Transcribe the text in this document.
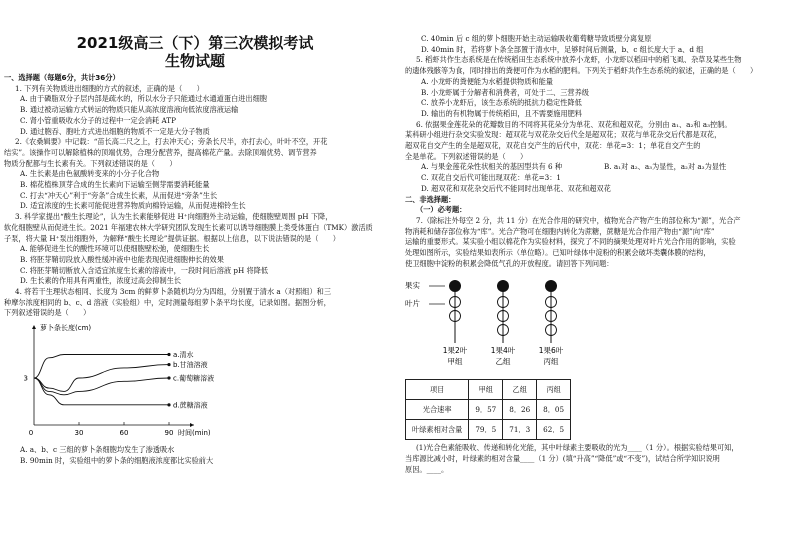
2021级高三（下）第三次模拟考试

生物试题

一、选择题（每题6分，共计36分）

1. 下列有关物质进出细胞的方式的叙述，正确的是（　　）

A. 由于磷脂双分子层内部是疏水的，所以水分子只能通过水通道蛋白进出细胞

B. 通过被动运输方式转运的物质只能从高浓度溶液向低浓度溶液运输

C. 肾小管重吸收水分子的过程中一定会消耗 ATP

D. 通过胞吞、胞吐方式进出细胞的物质不一定是大分子物质

2.《农桑辑要》中记载：“苗长高二尺之上，打去冲天心；旁条长尺半，亦打去心，叶叶不空，开花

结实”。该操作可以解除植株的顶端优势，合理分配营养，提高棉花产量。去除顶端优势、调节营养

物质分配都与生长素有关。下列叙述错误的是（　　）

A. 生长素是由色氨酸转变来的小分子化合物

B. 棉花植株顶芽合成的生长素向下运输至侧芽需要消耗能量

C. 打去“冲天心”利于“旁条”合成生长素，从而促进“旁条”生长

D. 适宜浓度的生长素可能促进营养物质向棉铃运输，从而促进棉铃生长

3. 科学家提出“酸生长理论”，认为生长素能够促进 H⁺向细胞外主动运输，使细胞壁周围 pH 下降，

软化细胞壁从而促进生长。2021 年福建农林大学研究团队发现生长素可以诱导细胞膜上类受体蛋白（TMK）激活质

子泵，将大量 H⁺泵出细胞外，为解释“酸生长理论”提供证据。根据以上信息，以下说法错误的是（　　）

A. 能够促进生长的酸性环境可以使细胞壁松弛，使细胞生长

B. 将胚芽鞘切段放入酸性缓冲液中也能表现促进细胞伸长的效果

C. 将胚芽鞘切断放入含适宜浓度生长素的溶液中，一段时间后溶液 pH 将降低

D. 生长素的作用具有两重性，浓度过高会抑制生长

4. 将若干生理状态相同、长度为 3cm 的鲜萝卜条随机均分为四组，分别置于清水 a（对照组）和三

种摩尔浓度相同的 b、c、d 溶液（实验组）中，定时测量每组萝卜条平均长度，记录如图。据图分析，

下列叙述错误的是（　　）

萝卜条长度(cm)
时间(min)
3
0	30	60	90
a.清水
b.甘油溶液
c.葡萄糖溶液
d.蔗糖溶液

A. a、b、c 三组的萝卜条细胞均发生了渗透吸水

B. 90min 时，实验组中的萝卜条的细胞液浓度都比实验前大

C. 40min 后 c 组的萝卜细胞开始主动运输吸收葡萄糖导致质壁分离复原

D. 40min 时，若将萝卜条全部置于清水中，足够时间后测量，b、c 组长度大于 a、d 组

5. 稻虾共作生态系统是在传统稻田生态系统中放养小龙虾，小龙虾以稻田中的稻飞虱、杂草及某些生物

的遗体残骸等为食，同时排出的粪便可作为水稻的肥料。下列关于稻虾共作生态系统的叙述，正确的是（　　）

A. 小龙虾的粪便能为水稻提供物质和能量

B. 小龙虾属于分解者和消费者，可处于二、三营养级

C. 放养小龙虾后，该生态系统的抵抗力稳定性降低

D. 输出的有机物属于传统稻田，且不需要施用肥料

6. 依据果金莲花朵的花瓣数目的不同将其花朵分为单花、双花和超双花，分别由 a₁、a₂和 a₃控制。

某科研小组进行杂交实验发现：超双花与双花杂交后代全是超双花；双花与单花杂交后代都是双花，

超双花自交产生的全是超双花，双花自交产生的后代中，双花：单花=3：1；单花自交产生的

全是单花。下列叙述错误的是（　　）

A. 与果金莲花朵性状相关的基因型共有 6 种	B. a₁对 a₂、a₃为显性，a₂对 a₃为显性

C. 双花自交后代可能出现双花：单花=3：1

D. 超双花和双花杂交后代不能同时出现单花、双花和超双花

二、非选择题：

（一）必考题：

7.（除标注外每空 2 分，共 11 分）在光合作用的研究中，植物光合产物产生的部位称为“源”，光合产

物消耗和储存部位称为“库”。光合产物可在细胞内转化为蔗糖，蔗糖是光合作用产物由“源”向“库”

运输的重要形式。某实验小组以棉花作为实验材料，探究了不同的摘果处理对叶片光合作用的影响，实验

处理如图所示，实验结果如表所示（单位略）。已知叶绿体中淀粉的积累会破坏类囊体膜的结构，

使卫细胞中淀粉的积累会降低气孔的开放程度。请回答下列问题：

果实
叶片
1果2叶
甲组
1果4叶
乙组
1果6叶
丙组
项目	甲组	乙组	丙组
光合速率	9．57	8．26	8．05
叶绿素相对含量	79．5	71．3	62．5

(1)光合色素能吸收、传递和转化光能，其中叶绿素主要吸收的光为____（1 分）。根据实验结果可知，

当库源比减小时，叶绿素的相对含量____（1 分）(填“升高”“降低”或“不变”)，试结合所学知识说明

原因。____。
